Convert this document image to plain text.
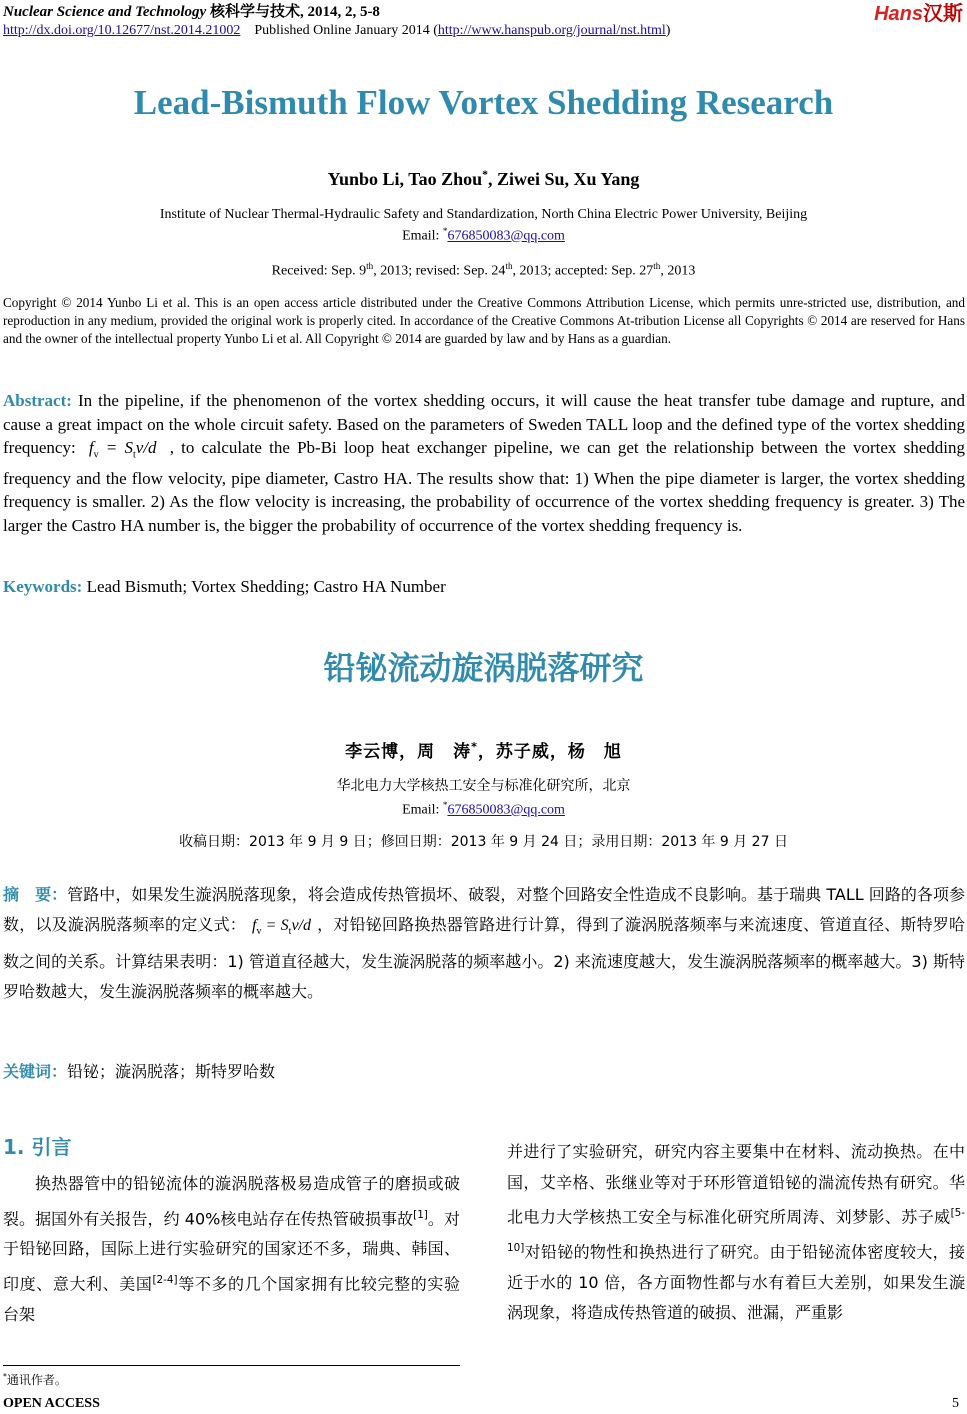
Nuclear Science and Technology 核科学与技术, 2014, 2, 5-8
http://dx.doi.org/10.12677/nst.2014.21002 Published Online January 2014 (http://www.hanspub.org/journal/nst.html)
Hans汉斯
Lead-Bismuth Flow Vortex Shedding Research
Yunbo Li, Tao Zhou*, Ziwei Su, Xu Yang
Institute of Nuclear Thermal-Hydraulic Safety and Standardization, North China Electric Power University, Beijing
Email: *676850083@qq.com
Received: Sep. 9th, 2013; revised: Sep. 24th, 2013; accepted: Sep. 27th, 2013
Copyright © 2014 Yunbo Li et al. This is an open access article distributed under the Creative Commons Attribution License, which permits unre-stricted use, distribution, and reproduction in any medium, provided the original work is properly cited. In accordance of the Creative Commons At-tribution License all Copyrights © 2014 are reserved for Hans and the owner of the intellectual property Yunbo Li et al. All Copyright © 2014 are guarded by law and by Hans as a guardian.
Abstract: In the pipeline, if the phenomenon of the vortex shedding occurs, it will cause the heat transfer tube damage and rupture, and cause a great impact on the whole circuit safety. Based on the parameters of Sweden TALL loop and the defined type of the vortex shedding frequency: $f_v = S_tv/d$ , to calculate the Pb-Bi loop heat exchanger pipeline, we can get the relationship between the vortex shedding frequency and the flow velocity, pipe diameter, Castro HA. The results show that: 1) When the pipe diameter is larger, the vortex shedding frequency is smaller. 2) As the flow velocity is increasing, the probability of occurrence of the vortex shedding frequency is greater. 3) The larger the Castro HA number is, the bigger the probability of occurrence of the vortex shedding frequency is.
Keywords: Lead Bismuth; Vortex Shedding; Castro HA Number
铅铋流动旋涡脱落研究
李云博，周　涛*，苏子威，杨　旭
华北电力大学核热工安全与标准化研究所，北京
Email: *676850083@qq.com
收稿日期：2013 年 9 月 9 日；修回日期：2013 年 9 月 24 日；录用日期：2013 年 9 月 27 日
摘　要：管路中，如果发生漩涡脱落现象，将会造成传热管损坏、破裂，对整个回路安全性造成不良影响。基于瑞典 TALL 回路的各项参数，以及漩涡脱落频率的定义式： $f_v = S_tv/d$ ，对铅铋回路换热器管路进行计算，得到了漩涡脱落频率与来流速度、管道直径、斯特罗哈数之间的关系。计算结果表明：1) 管道直径越大，发生漩涡脱落的频率越小。2) 来流速度越大，发生漩涡脱落频率的概率越大。3) 斯特罗哈数越大，发生漩涡脱落频率的概率越大。
关键词：铅铋；漩涡脱落；斯特罗哈数
1. 引言
换热器管中的铅铋流体的漩涡脱落极易造成管子的磨损或破裂。据国外有关报告，约 40%核电站存在传热管破损事故[1]。对于铅铋回路，国际上进行实验研究的国家还不多，瑞典、韩国、印度、意大利、美国[2-4]等不多的几个国家拥有比较完整的实验台架
并进行了实验研究，研究内容主要集中在材料、流动换热。在中国，艾辛格、张继业等对于环形管道铅铋的湍流传热有研究。华北电力大学核热工安全与标准化研究所周涛、刘梦影、苏子威[5-10]对铅铋的物性和换热进行了研究。由于铅铋流体密度较大，接近于水的 10 倍，各方面物性都与水有着巨大差别，如果发生漩涡现象，将造成传热管道的破损、泄漏，严重影
*通讯作者。
OPEN ACCESS	5
